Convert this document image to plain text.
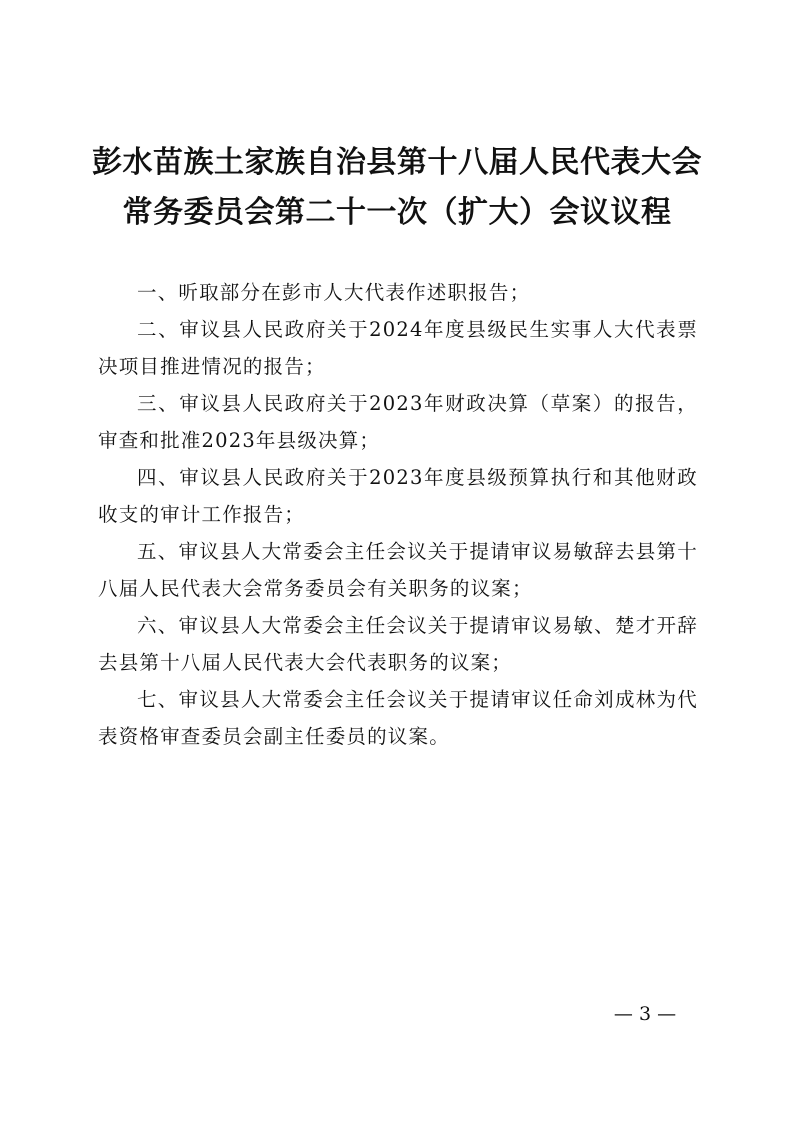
彭水苗族土家族自治县第十八届人民代表大会
常务委员会第二十一次（扩大）会议议程

一、听取部分在彭市人大代表作述职报告；

二、审议县人民政府关于2024年度县级民生实事人大代表票决项目推进情况的报告；

三、审议县人民政府关于2023年财政决算（草案）的报告，审查和批准2023年县级决算；

四、审议县人民政府关于2023年度县级预算执行和其他财政收支的审计工作报告；

五、审议县人大常委会主任会议关于提请审议易敏辞去县第十八届人民代表大会常务委员会有关职务的议案；

六、审议县人大常委会主任会议关于提请审议易敏、楚才开辞去县第十八届人民代表大会代表职务的议案；

七、审议县人大常委会主任会议关于提请审议任命刘成林为代表资格审查委员会副主任委员的议案。

— 3 —
